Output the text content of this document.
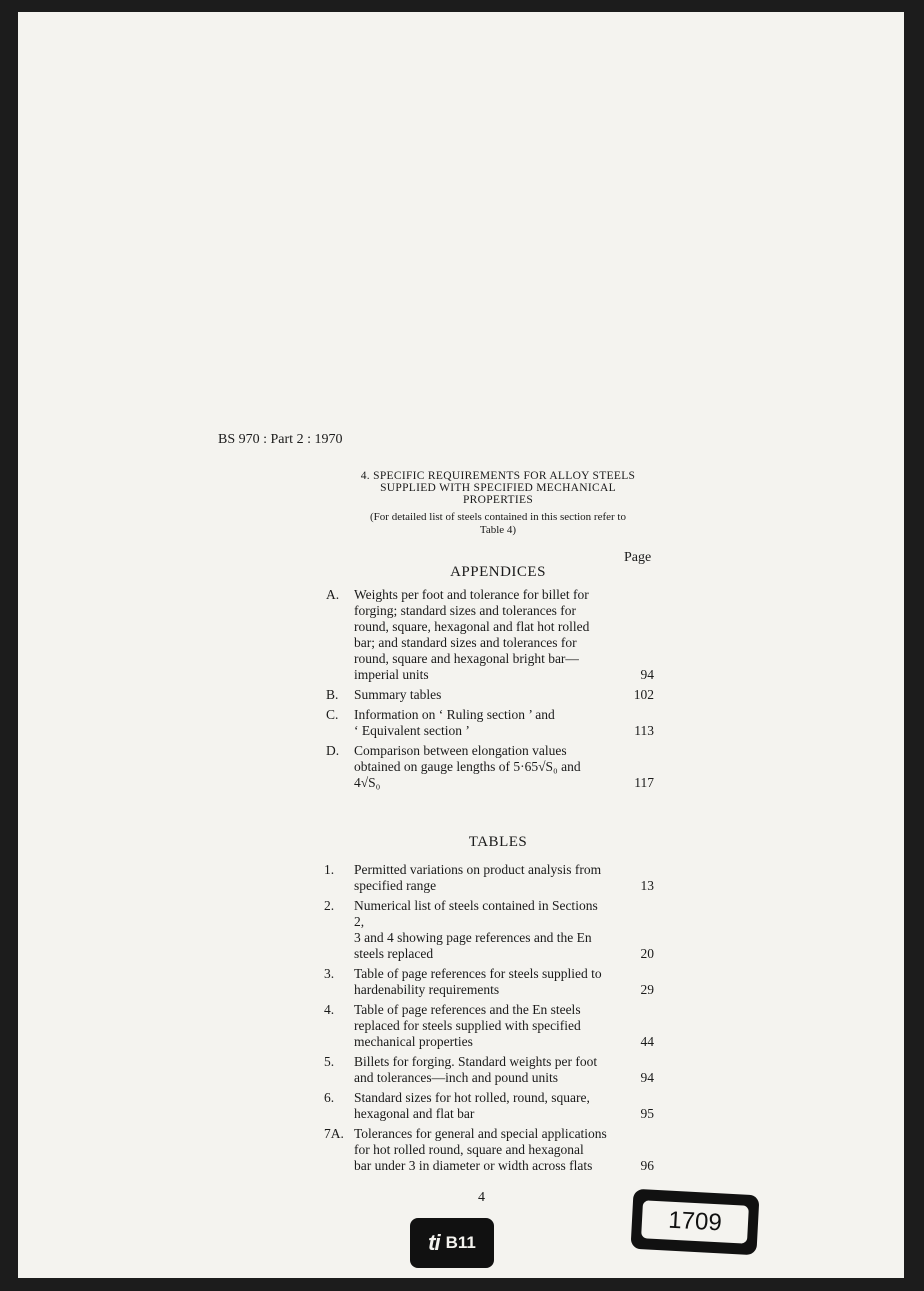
BS 970 : Part 2 : 1970
4. SPECIFIC REQUIREMENTS FOR ALLOY STEELS
SUPPLIED WITH SPECIFIED MECHANICAL
PROPERTIES
(For detailed list of steels contained in this section refer to
Table 4)
Page
APPENDICES
A. Weights per foot and tolerance for billet for
forging; standard sizes and tolerances for
round, square, hexagonal and flat hot rolled
bar; and standard sizes and tolerances for
round, square and hexagonal bright bar—
imperial units	94
B. Summary tables	102
C. Information on ‘ Ruling section ’ and
‘ Equivalent section ’	113
D. Comparison between elongation values
obtained on gauge lengths of 5·65√S₀ and
4√S₀	117
TABLES
1. Permitted variations on product analysis from
specified range	13
2. Numerical list of steels contained in Sections 2,
3 and 4 showing page references and the En
steels replaced	20
3. Table of page references for steels supplied to
hardenability requirements	29
4. Table of page references and the En steels
replaced for steels supplied with specified
mechanical properties	44
5. Billets for forging. Standard weights per foot
and tolerances—inch and pound units	94
6. Standard sizes for hot rolled, round, square,
hexagonal and flat bar	95
7A. Tolerances for general and special applications
for hot rolled round, square and hexagonal
bar under 3 in diameter or width across flats	96
4
ti B11
1709
